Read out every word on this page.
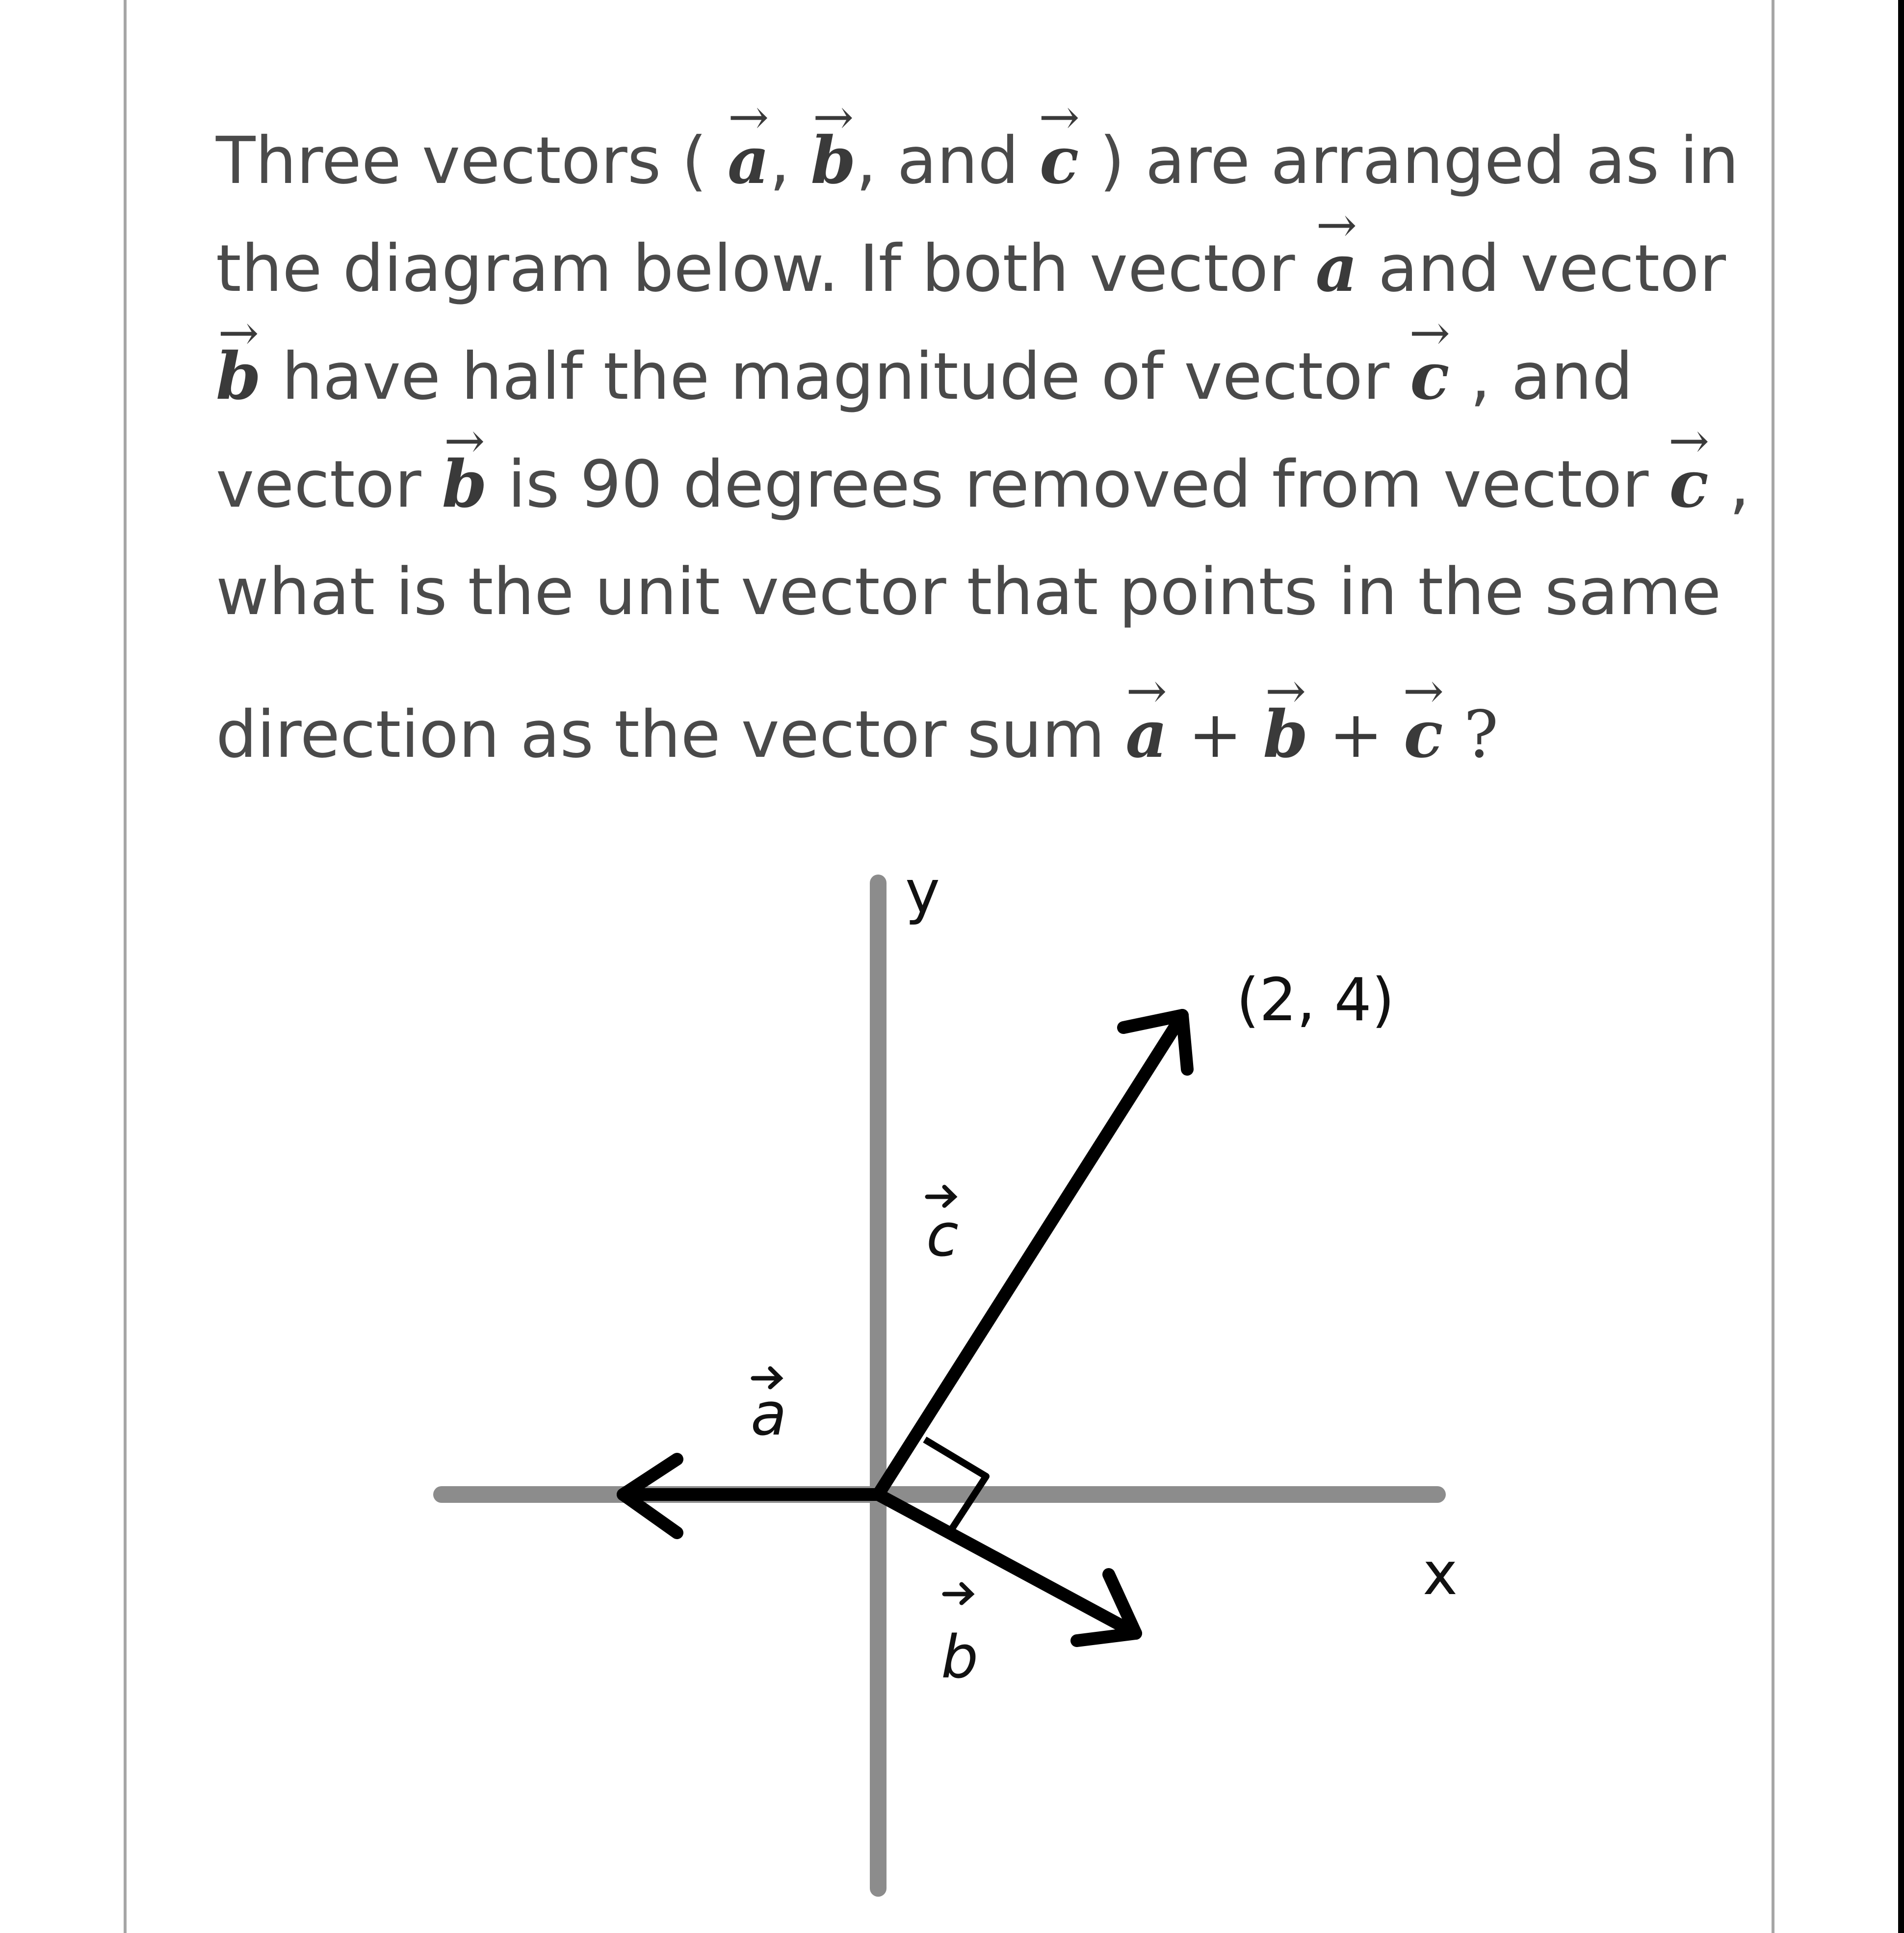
Three vectors ( → a, → b, and → c ) are arranged as in
the diagram below. If both vector → a and vector
→ b have half the magnitude of vector → c , and
vector → b is 90 degrees removed from vector → c ,
what is the unit vector that points in the same
direction as the vector sum → a + → b + → c ?
y
x
(2, 4)
c
a
b
